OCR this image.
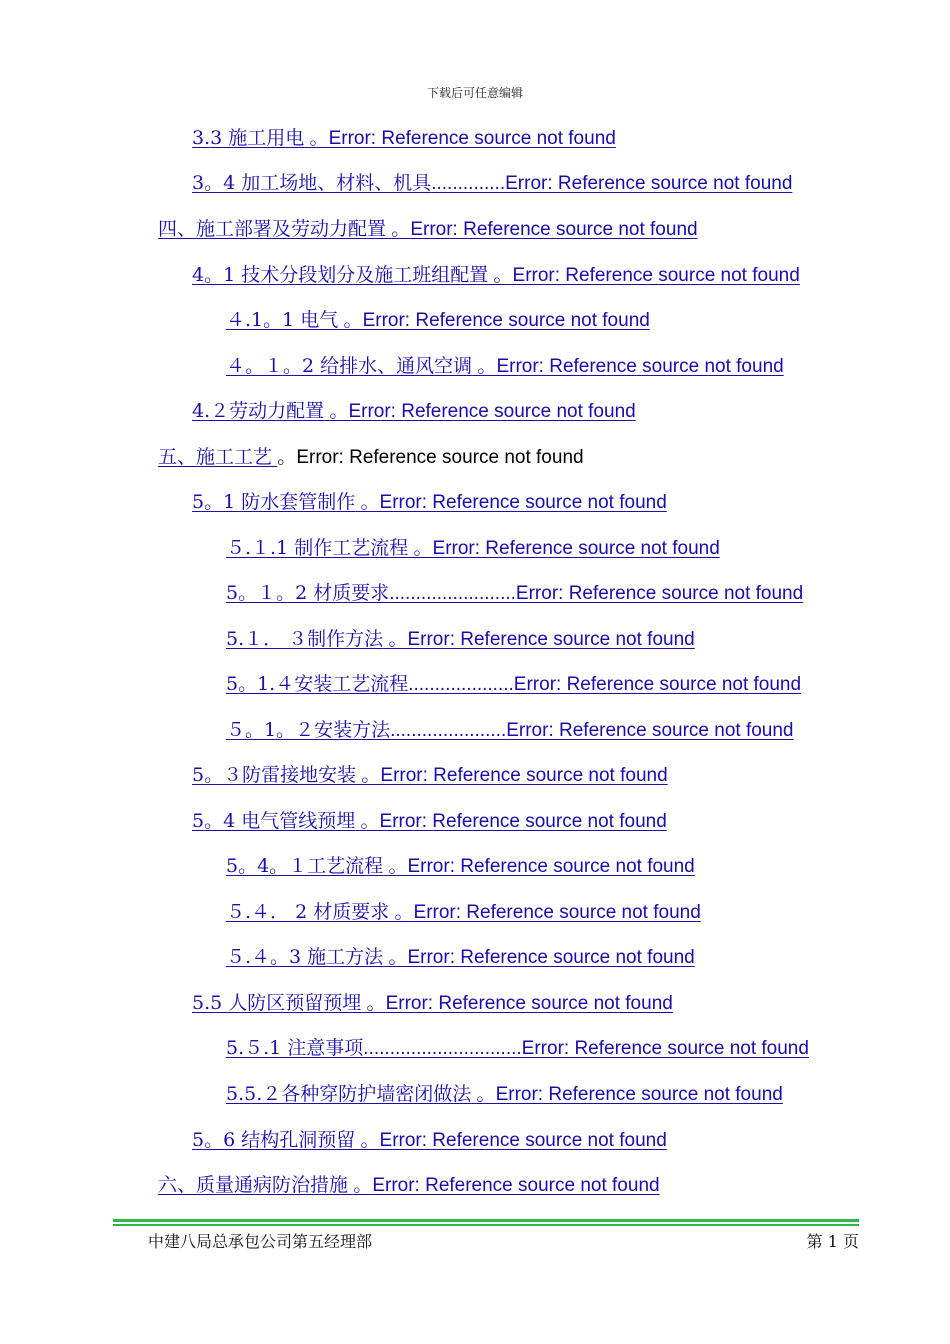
下载后可任意编辑
3.3 施工用电 。Error: Reference source not found
3。4 加工场地、材料、机具..............Error: Reference source not found
四、施工部署及劳动力配置 。Error: Reference source not found
4。1 技术分段划分及施工班组配置 。Error: Reference source not found
４.1。1 电气 。Error: Reference source not found
４。１。2 给排水、通风空调 。Error: Reference source not found
4.２劳动力配置 。Error: Reference source not found
五、施工工艺 。Error: Reference source not found
5。1 防水套管制作 。Error: Reference source not found
５.１.1 制作工艺流程 。Error: Reference source not found
5。１。2 材质要求........................Error: Reference source not found
5.１． ３制作方法 。Error: Reference source not found
5。1.４安装工艺流程....................Error: Reference source not found
５。1。２安装方法......................Error: Reference source not found
5。３防雷接地安装 。Error: Reference source not found
5。4 电气管线预埋 。Error: Reference source not found
5。4。１工艺流程 。Error: Reference source not found
５.４． 2 材质要求 。Error: Reference source not found
５.４。3 施工方法 。Error: Reference source not found
5.5 人防区预留预埋 。Error: Reference source not found
5.５.1 注意事项..............................Error: Reference source not found
5.5.２各种穿防护墙密闭做法 。Error: Reference source not found
5。6 结构孔洞预留 。Error: Reference source not found
六、质量通病防治措施 。Error: Reference source not found
中建八局总承包公司第五经理部	第 1 页
